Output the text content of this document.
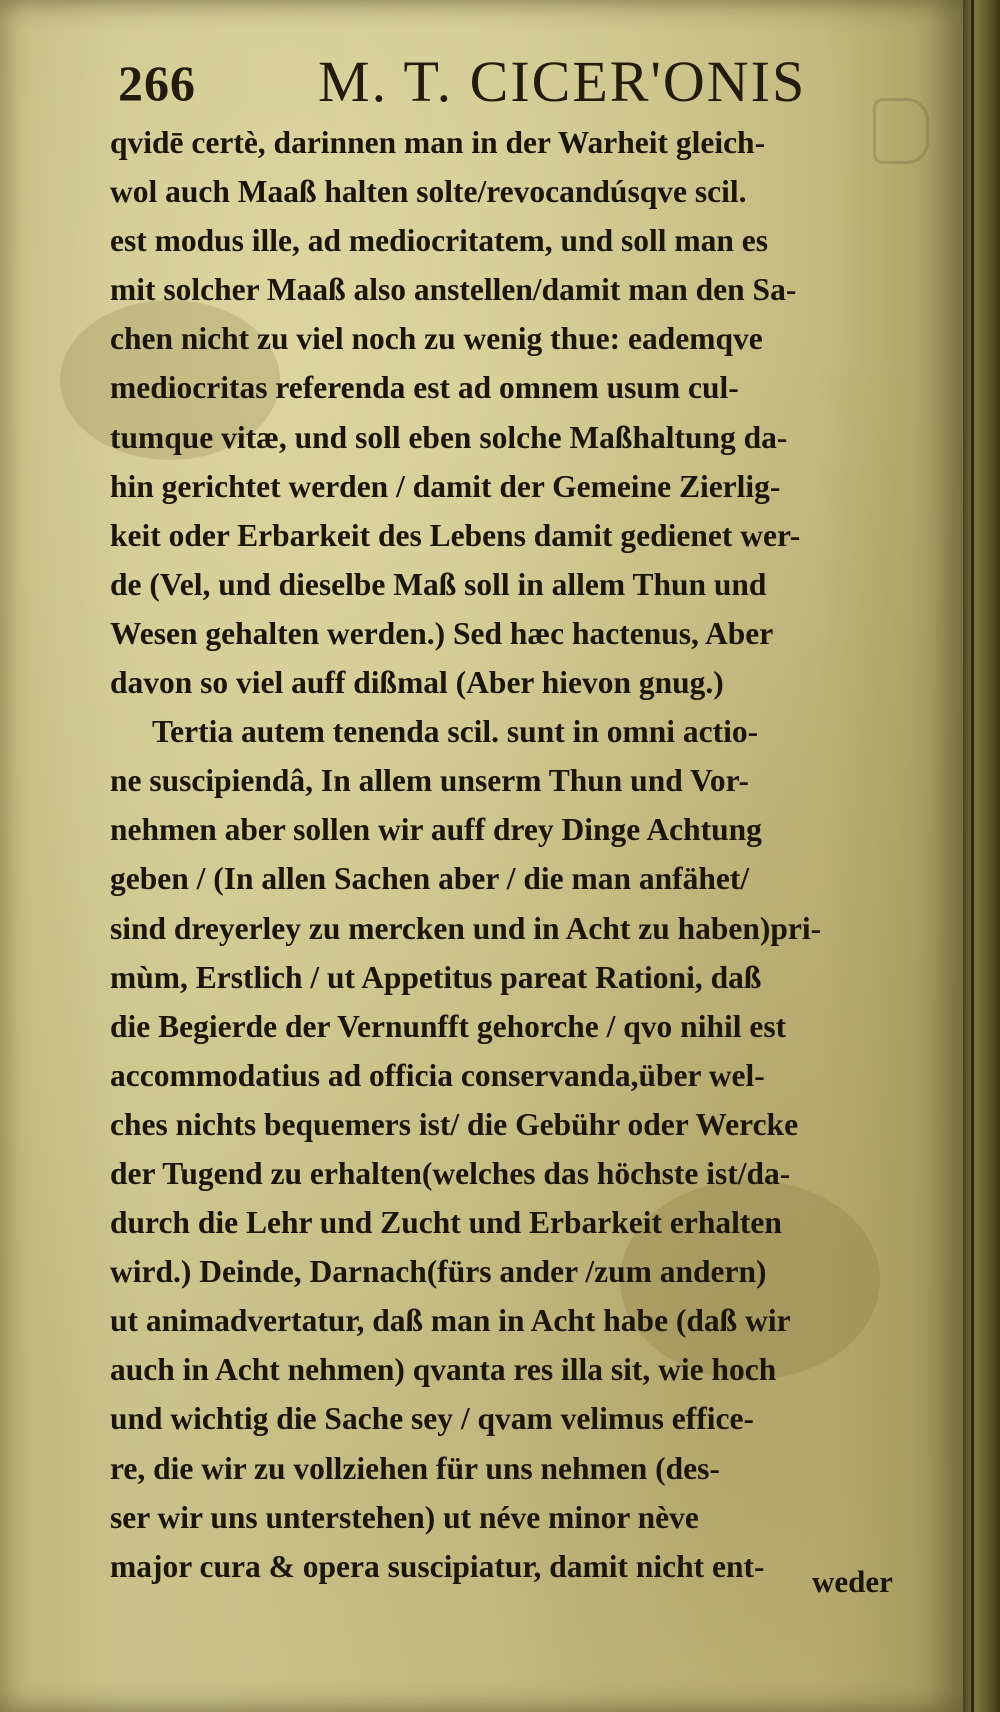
266 M. T. CICER'ONIS
qvidē certè, darinnen man in der Warheit gleich-
wol auch Maaß halten solte/revocandúsqve scil.
est modus ille, ad mediocritatem, und soll man es
mit solcher Maaß also anstellen/damit man den Sa-
chen nicht zu viel noch zu wenig thue: eademqve
mediocritas referenda est ad omnem usum cul-
tumque vitæ, und soll eben solche Maßhaltung da-
hin gerichtet werden / damit der Gemeine Zierlig-
keit oder Erbarkeit des Lebens damit gedienet wer-
de (Vel, und dieselbe Maß soll in allem Thun und
Wesen gehalten werden.) Sed hæc hactenus, Aber
davon so viel auff dißmal (Aber hievon gnug.)
Tertia autem tenenda scil. sunt in omni actio-
ne suscipiendâ, In allem unserm Thun und Vor-
nehmen aber sollen wir auff drey Dinge Achtung
geben / (In allen Sachen aber / die man anfähet/
sind dreyerley zu mercken und in Acht zu haben)pri-
mùm, Erstlich / ut Appetitus pareat Rationi, daß
die Begierde der Vernunfft gehorche / qvo nihil est
accommodatius ad officia conservanda,über wel-
ches nichts bequemers ist/ die Gebühr oder Wercke
der Tugend zu erhalten(welches das höchste ist/da-
durch die Lehr und Zucht und Erbarkeit erhalten
wird.) Deinde, Darnach(fürs ander /zum andern)
ut animadvertatur, daß man in Acht habe (daß wir
auch in Acht nehmen) qvanta res illa sit, wie hoch
und wichtig die Sache sey / qvam velimus effice-
re, die wir zu vollziehen für uns nehmen (des-
ser wir uns unterstehen) ut néve minor nève
major cura & opera suscipiatur, damit nicht ent-	weder
